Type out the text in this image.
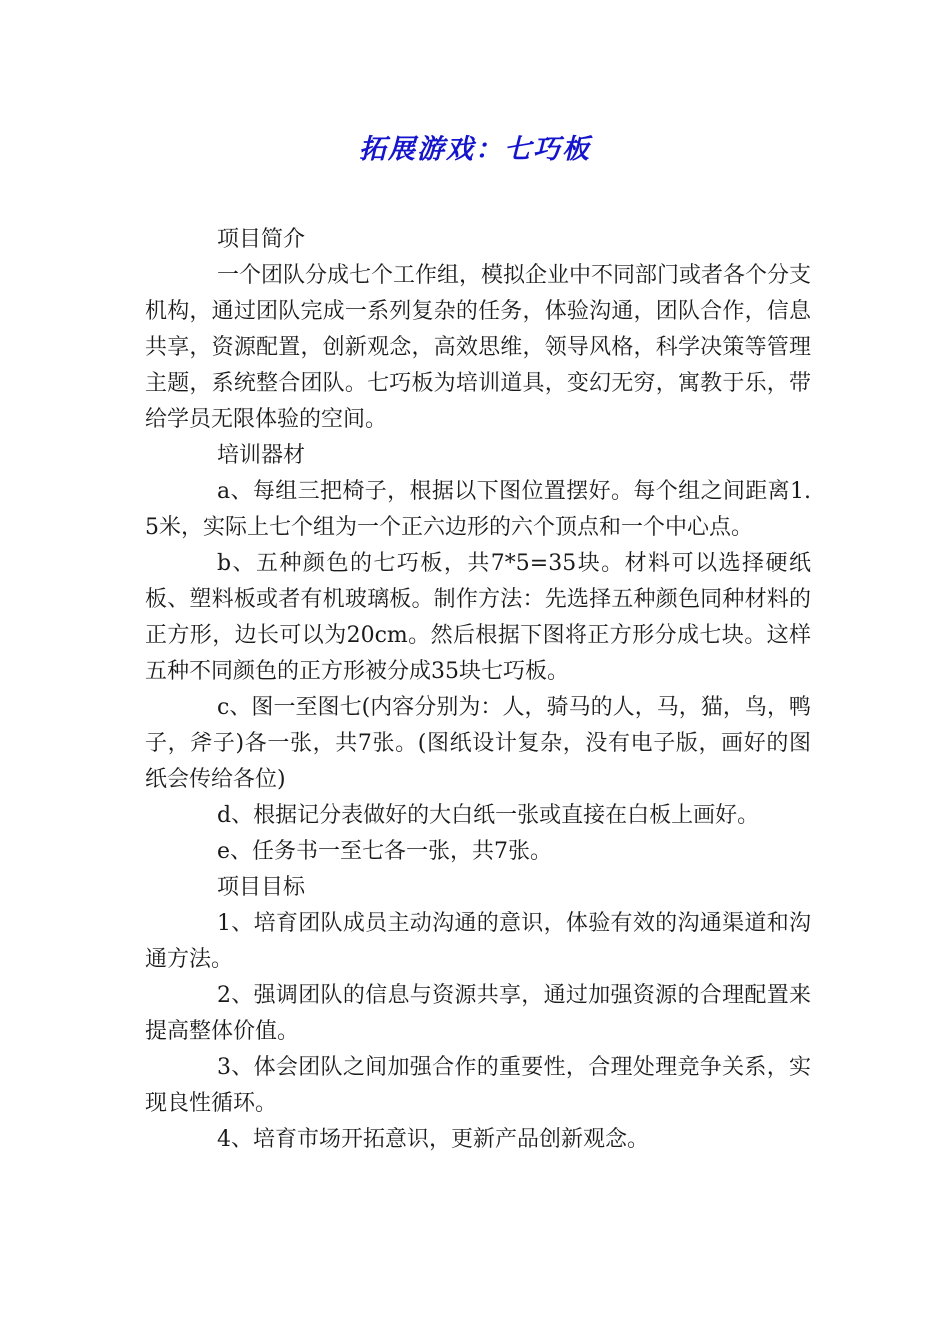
拓展游戏：七巧板

项目简介

一个团队分成七个工作组，模拟企业中不同部门或者各个分支机构，通过团队完成一系列复杂的任务，体验沟通，团队合作，信息共享，资源配置，创新观念，高效思维，领导风格，科学决策等管理主题，系统整合团队。七巧板为培训道具，变幻无穷，寓教于乐，带给学员无限体验的空间。

培训器材

a、每组三把椅子，根据以下图位置摆好。每个组之间距离1.5米，实际上七个组为一个正六边形的六个顶点和一个中心点。

b、五种颜色的七巧板，共7*5=35块。材料可以选择硬纸板、塑料板或者有机玻璃板。制作方法：先选择五种颜色同种材料的正方形，边长可以为20cm。然后根据下图将正方形分成七块。这样五种不同颜色的正方形被分成35块七巧板。

c、图一至图七(内容分别为：人，骑马的人，马，猫，鸟，鸭子，斧子)各一张，共7张。(图纸设计复杂，没有电子版，画好的图纸会传给各位)

d、根据记分表做好的大白纸一张或直接在白板上画好。

e、任务书一至七各一张，共7张。

项目目标

1、培育团队成员主动沟通的意识，体验有效的沟通渠道和沟通方法。

2、强调团队的信息与资源共享，通过加强资源的合理配置来提高整体价值。

3、体会团队之间加强合作的重要性，合理处理竞争关系，实现良性循环。

4、培育市场开拓意识，更新产品创新观念。
